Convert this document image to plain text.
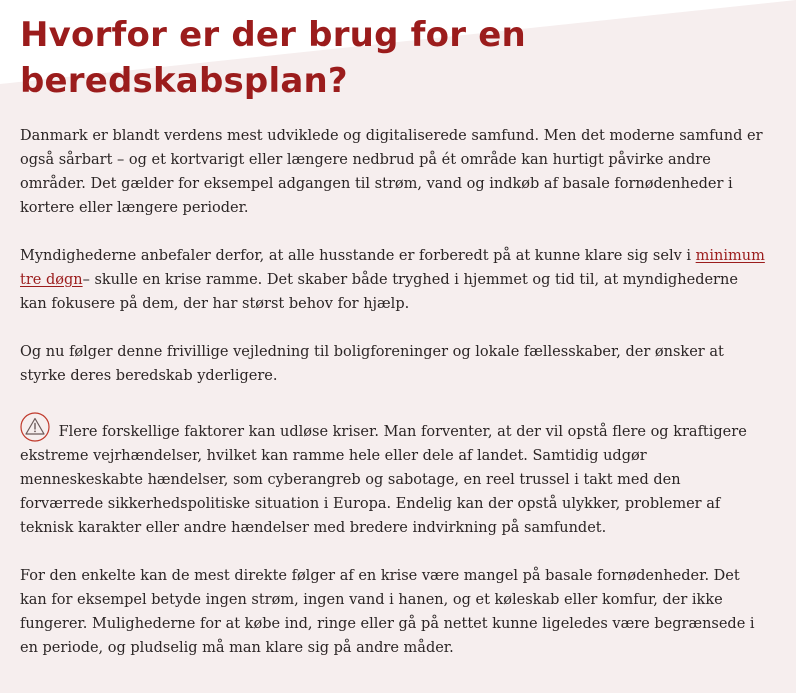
Hvorfor er der brug for en beredskabsplan?

Danmark er blandt verdens mest udviklede og digitaliserede samfund. Men det moderne samfund er også sårbart – og et kortvarigt eller længere nedbrud på ét område kan hurtigt påvirke andre områder. Det gælder for eksempel adgangen til strøm, vand og indkøb af basale fornødenheder i kortere eller længere perioder.

Myndighederne anbefaler derfor, at alle husstande er forberedt på at kunne klare sig selv i minimum tre døgn– skulle en krise ramme. Det skaber både tryghed i hjemmet og tid til, at myndighederne kan fokusere på dem, der har størst behov for hjælp.

Og nu følger denne frivillige vejledning til boligforeninger og lokale fællesskaber, der ønsker at styrke deres beredskab yderligere.

Flere forskellige faktorer kan udløse kriser. Man forventer, at der vil opstå flere og kraftigere ekstreme vejrhændelser, hvilket kan ramme hele eller dele af landet. Samtidig udgør menneskeskabte hændelser, som cyberangreb og sabotage, en reel trussel i takt med den forværrede sikkerhedspolitiske situation i Europa. Endelig kan der opstå ulykker, problemer af teknisk karakter eller andre hændelser med bredere indvirkning på samfundet.

For den enkelte kan de mest direkte følger af en krise være mangel på basale fornødenheder. Det kan for eksempel betyde ingen strøm, ingen vand i hanen, og et køleskab eller komfur, der ikke fungerer. Mulighederne for at købe ind, ringe eller gå på nettet kunne ligeledes være begrænsede i en periode, og pludselig må man klare sig på andre måder.
